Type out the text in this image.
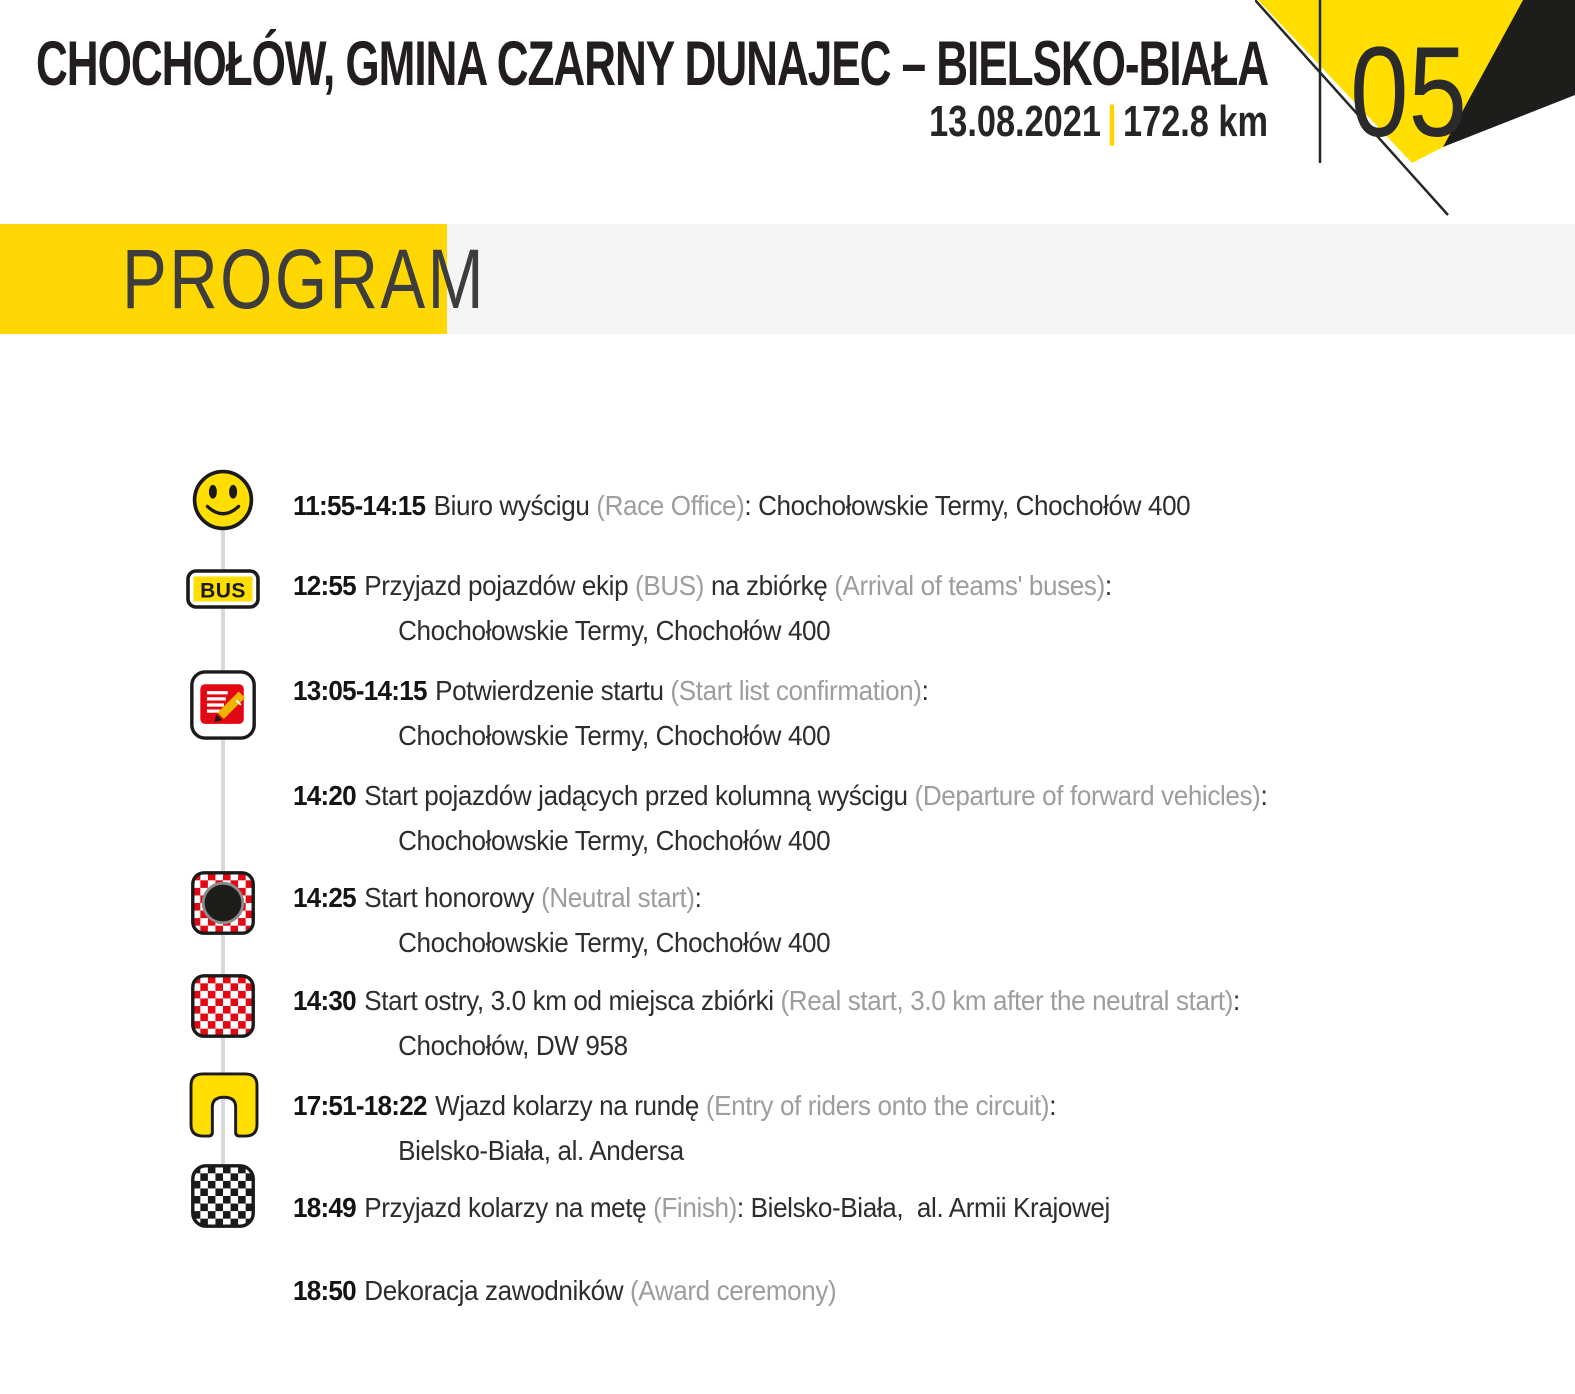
CHOCHOŁÓW, GMINA CZARNY DUNAJEC – BIELSKO-BIAŁA
13.08.2021 | 172.8 km 05
PROGRAM
BUS
11:55-14:15 Biuro wyścigu (Race Office): Chochołowskie Termy, Chochołów 400
12:55 Przyjazd pojazdów ekip (BUS) na zbiórkę (Arrival of teams' buses):
Chochołowskie Termy, Chochołów 400
13:05-14:15 Potwierdzenie startu (Start list confirmation):
Chochołowskie Termy, Chochołów 400
14:20 Start pojazdów jadących przed kolumną wyścigu (Departure of forward vehicles):
Chochołowskie Termy, Chochołów 400
14:25 Start honorowy (Neutral start):
Chochołowskie Termy, Chochołów 400
14:30 Start ostry, 3.0 km od miejsca zbiórki (Real start, 3.0 km after the neutral start):
Chochołów, DW 958
17:51-18:22 Wjazd kolarzy na rundę (Entry of riders onto the circuit):
Bielsko-Biała, al. Andersa
18:49 Przyjazd kolarzy na metę (Finish): Bielsko-Biała,  al. Armii Krajowej
18:50 Dekoracja zawodników (Award ceremony)
